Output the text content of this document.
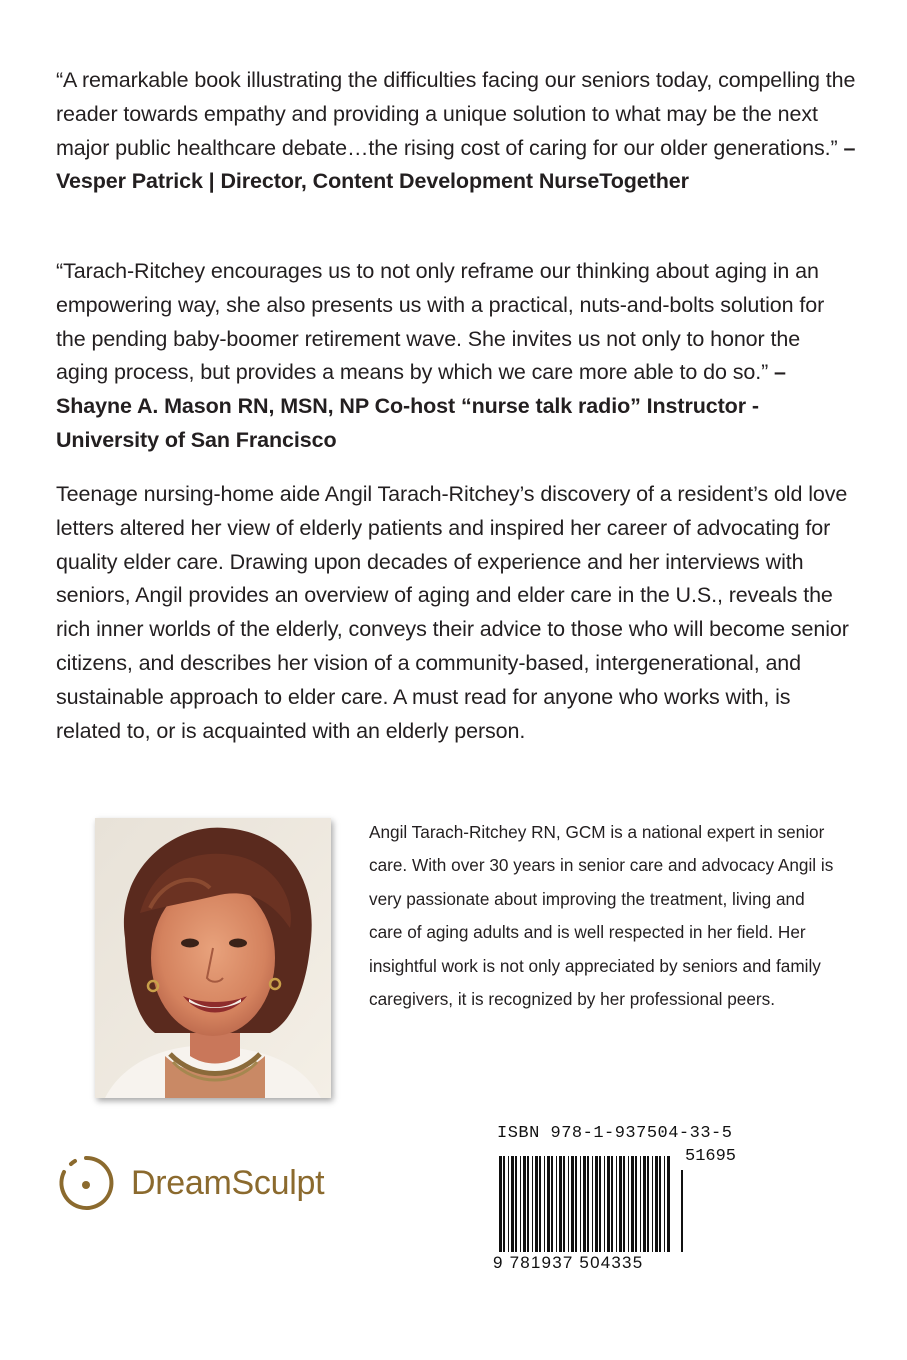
“A remarkable book illustrating the difficulties facing our seniors today, compelling the reader towards empathy and providing a unique solution to what may be the next major public healthcare debate…the rising cost of caring for our older generations.” – Vesper Patrick | Director, Content Development NurseTogether
“Tarach-Ritchey encourages us to not only reframe our thinking about aging in an empowering way, she also presents us with a practical, nuts-and-bolts solution for the pending baby-boomer retirement wave. She invites us not only to honor the aging process, but provides a means by which we care more able to do so.” – Shayne A. Mason RN, MSN, NP Co-host “nurse talk radio” Instructor - University of San Francisco
Teenage nursing-home aide Angil Tarach-Ritchey’s discovery of a resident’s old love letters altered her view of elderly patients and inspired her career of advocating for quality elder care. Drawing upon decades of experience and her interviews with seniors, Angil provides an overview of aging and elder care in the U.S., reveals the rich inner worlds of the elderly, conveys their advice to those who will become senior citizens, and describes her vision of a community-based, intergenerational, and sustainable approach to elder care. A must read for anyone who works with, is related to, or is acquainted with an elderly person.
Angil Tarach-Ritchey RN, GCM is a national expert in senior care. With over 30 years in senior care and advocacy Angil is very passionate about improving the treatment, living and care of aging adults and is well respected in her field. Her insightful work is not only appreciated by seniors and family caregivers, it is recognized by her professional peers.
DreamSculpt
ISBN 978-1-937504-33-5
51695
9 781937 504335
